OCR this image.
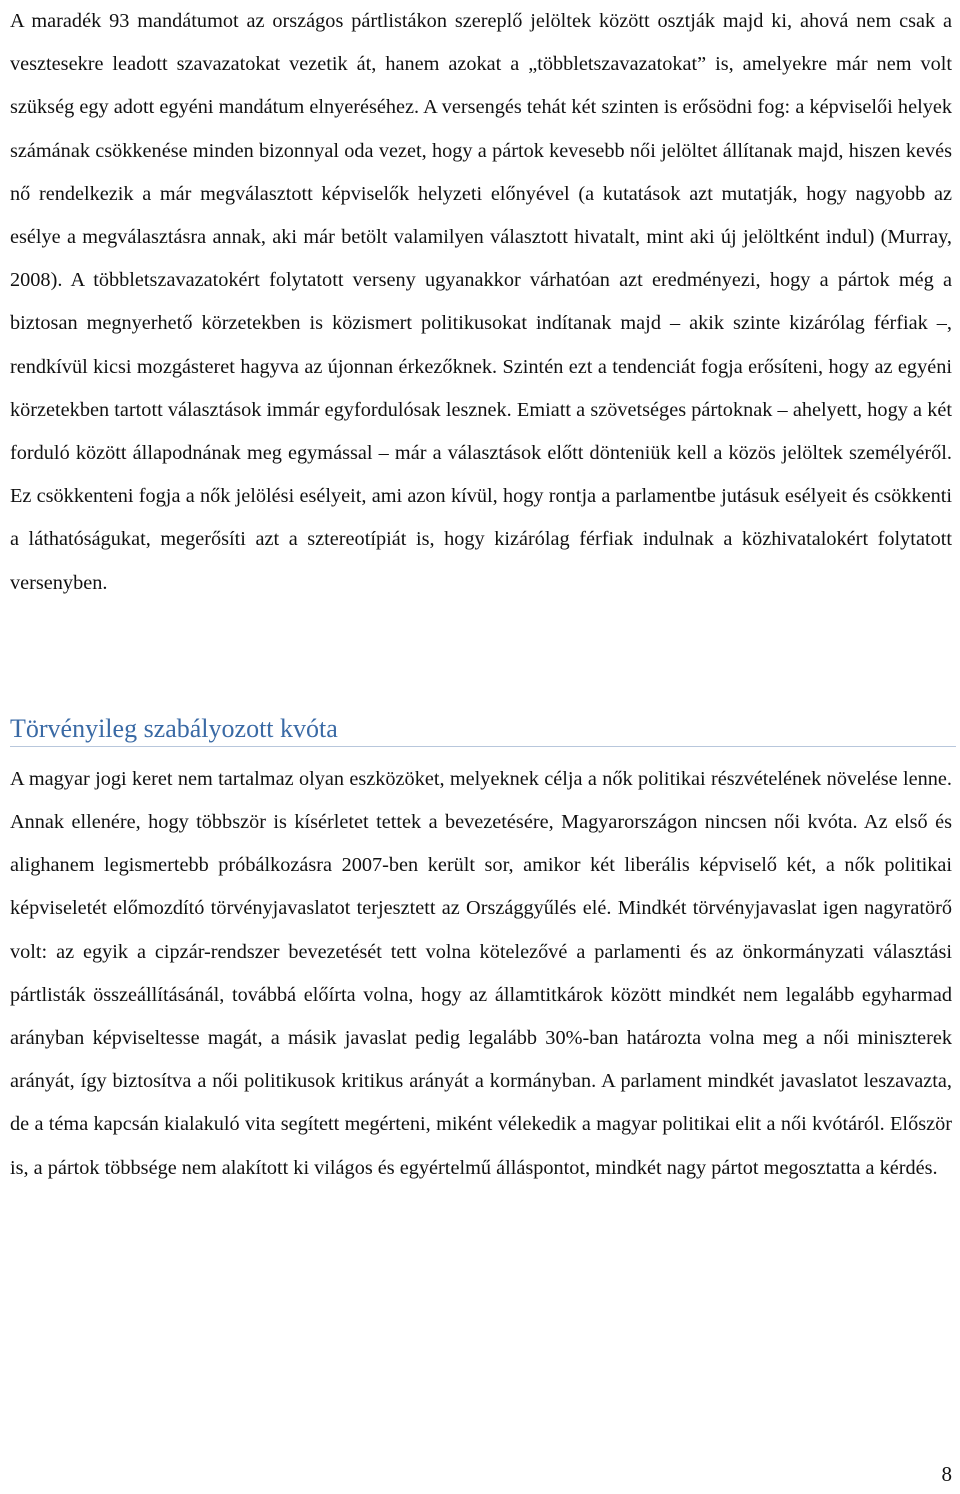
A maradék 93 mandátumot az országos pártlistákon szereplő jelöltek között osztják majd ki, ahová nem csak a vesztesekre leadott szavazatokat vezetik át, hanem azokat a „többletszavazatokat” is, amelyekre már nem volt szükség egy adott egyéni mandátum elnyeréséhez. A versengés tehát két szinten is erősödni fog: a képviselői helyek számának csökkenése minden bizonnyal oda vezet, hogy a pártok kevesebb női jelöltet állítanak majd, hiszen kevés nő rendelkezik a már megválasztott képviselők helyzeti előnyével (a kutatások azt mutatják, hogy nagyobb az esélye a megválasztásra annak, aki már betölt valamilyen választott hivatalt, mint aki új jelöltként indul) (Murray, 2008). A többletszavazatokért folytatott verseny ugyanakkor várhatóan azt eredményezi, hogy a pártok még a biztosan megnyerhető körzetekben is közismert politikusokat indítanak majd – akik szinte kizárólag férfiak –, rendkívül kicsi mozgásteret hagyva az újonnan érkezőknek. Szintén ezt a tendenciát fogja erősíteni, hogy az egyéni körzetekben tartott választások immár egyfordulósak lesznek. Emiatt a szövetséges pártoknak – ahelyett, hogy a két forduló között állapodnának meg egymással – már a választások előtt dönteniük kell a közös jelöltek személyéről. Ez csökkenteni fogja a nők jelölési esélyeit, ami azon kívül, hogy rontja a parlamentbe jutásuk esélyeit és csökkenti a láthatóságukat, megerősíti azt a sztereotípiát is, hogy kizárólag férfiak indulnak a közhivatalokért folytatott versenyben.

Törvényileg szabályozott kvóta

A magyar jogi keret nem tartalmaz olyan eszközöket, melyeknek célja a nők politikai részvételének növelése lenne. Annak ellenére, hogy többször is kísérletet tettek a bevezetésére, Magyarországon nincsen női kvóta. Az első és alighanem legismertebb próbálkozásra 2007-ben került sor, amikor két liberális képviselő két, a nők politikai képviseletét előmozdító törvényjavaslatot terjesztett az Országgyűlés elé. Mindkét törvényjavaslat igen nagyratörő volt: az egyik a cipzár-rendszer bevezetését tett volna kötelezővé a parlamenti és az önkormányzati választási pártlisták összeállításánál, továbbá előírta volna, hogy az államtitkárok között mindkét nem legalább egyharmad arányban képviseltesse magát, a másik javaslat pedig legalább 30%-ban határozta volna meg a női miniszterek arányát, így biztosítva a női politikusok kritikus arányát a kormányban. A parlament mindkét javaslatot leszavazta, de a téma kapcsán kialakuló vita segített megérteni, miként vélekedik a magyar politikai elit a női kvótáról. Először is, a pártok többsége nem alakított ki világos és egyértelmű álláspontot, mindkét nagy pártot megosztatta a kérdés.

8
